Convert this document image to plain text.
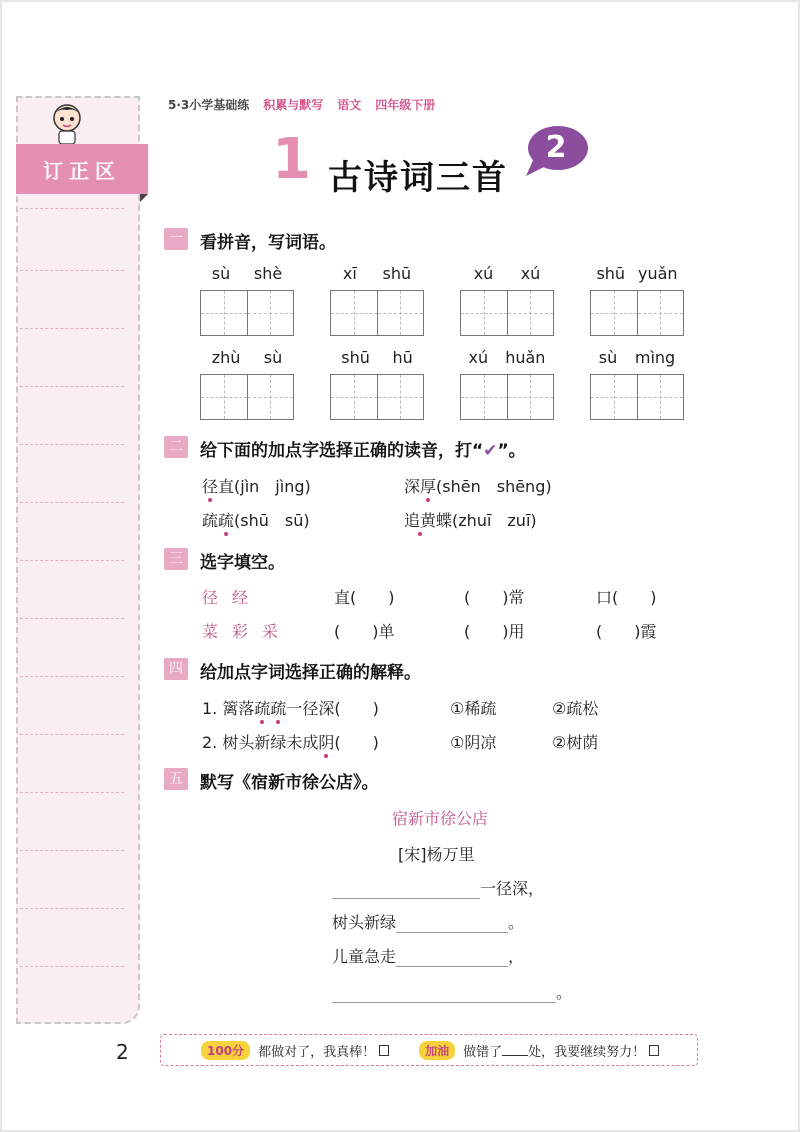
订正区
5·3小学基础练 积累与默写 语文 四年级下册
1 古诗词三首
2
一 看拼音，写词语。
sù shè	xī shū	xú xú	shū yuǎn
zhù sù	shū hū	xú huǎn	sù mìng
二 给下面的加点字选择正确的读音，打“✔”。
径直(jìn　jìng)	深厚(shēn　shēng)
疏疏(shū　sū)	追黄蝶(zhuī　zuī)
三 选字填空。
径经	直(　　)	(　　)常	口(　　)
菜彩采	(　　)单	(　　)用	(　　)霞
四 给加点字词选择正确的解释。
1. 篱落疏疏一径深(　　)	①稀疏	②疏松
2. 树头新绿未成阴(　　)	①阴凉	②树荫
五 默写《宿新市徐公店》。
宿新市徐公店
[宋]杨万里
一径深，
树头新绿	。
儿童急走	，
。
2	100分	都做对了，我真棒！	加油	做错了 处，我要继续努力！
